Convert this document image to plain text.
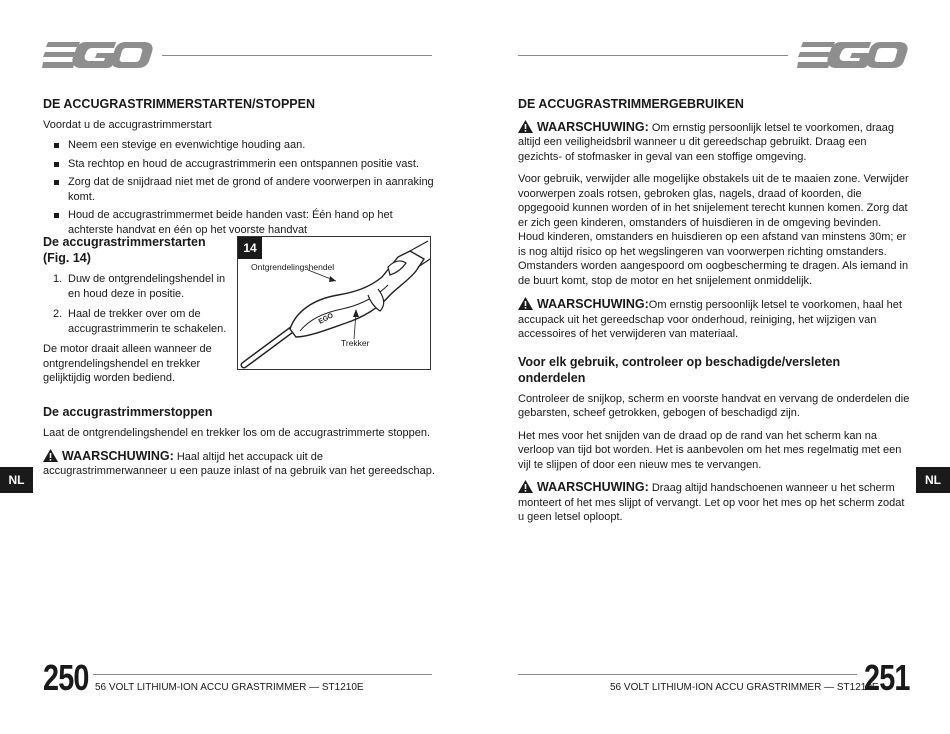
DE ACCUGRASTRIMMERSTARTEN/STOPPEN

Voordat u de accugrastrimmerstart

Neem een stevige en evenwichtige houding aan.
Sta rechtop en houd de accugrastrimmerin een ontspannen positie vast.
Zorg dat de snijdraad niet met de grond of andere voorwerpen in aanraking komt.
Houd de accugrastrimmermet beide handen vast: Één hand op het achterste handvat en één op het voorste handvat
De accugrastrimmerstarten (Fig. 14)
1. Duw de ontgrendelingshendel in en houd deze in positie.
2. Haal de trekker over om de accugrastrimmerin te schakelen.

De motor draait alleen wanneer de ontgrendelingshendel en trekker gelijktijdig worden bediend.

14
EGO
Ontgrendelingshendel
Trekker
De accugrastrimmerstoppen

Laat de ontgrendelingshendel en trekker los om de accugrastrimmerte stoppen.

WAARSCHUWING: Haal altijd het accupack uit de accugrastrimmerwanneer u een pauze inlast of na gebruik van het gereedschap.

NL
250 56 VOLT LITHIUM-ION ACCU GRASTRIMMER — ST1210E
DE ACCUGRASTRIMMERGEBRUIKEN

WAARSCHUWING: Om ernstig persoonlijk letsel te voorkomen, draag altijd een veiligheidsbril wanneer u dit gereedschap gebruikt. Draag een gezichts- of stofmasker in geval van een stoffige omgeving.

Voor gebruik, verwijder alle mogelijke obstakels uit de te maaien zone. Verwijder voorwerpen zoals rotsen, gebroken glas, nagels, draad of koorden, die opgegooid kunnen worden of in het snijelement terecht kunnen komen. Zorg dat er zich geen kinderen, omstanders of huisdieren in de omgeving bevinden. Houd kinderen, omstanders en huisdieren op een afstand van minstens 30m; er is nog altijd risico op het wegslingeren van voorwerpen richting omstanders. Omstanders worden aangespoord om oogbescherming te dragen. Als iemand in de buurt komt, stop de motor en het snijelement onmiddelijk.

WAARSCHUWING:Om ernstig persoonlijk letsel te voorkomen, haal het accupack uit het gereedschap voor onderhoud, reiniging, het wijzigen van accessoires of het verwijderen van materiaal.

Voor elk gebruik, controleer op beschadigde/versleten onderdelen

Controleer de snijkop, scherm en voorste handvat en vervang de onderdelen die gebarsten, scheef getrokken, gebogen of beschadigd zijn.

Het mes voor het snijden van de draad op de rand van het scherm kan na verloop van tijd bot worden. Het is aanbevolen om het mes regelmatig met een vijl te slijpen of door een nieuw mes te vervangen.

WAARSCHUWING: Draag altijd handschoenen wanneer u het scherm monteert of het mes slijpt of vervangt. Let op voor het mes op het scherm zodat u geen letsel oploopt.

NL
56 VOLT LITHIUM-ION ACCU GRASTRIMMER — ST1210E
251
